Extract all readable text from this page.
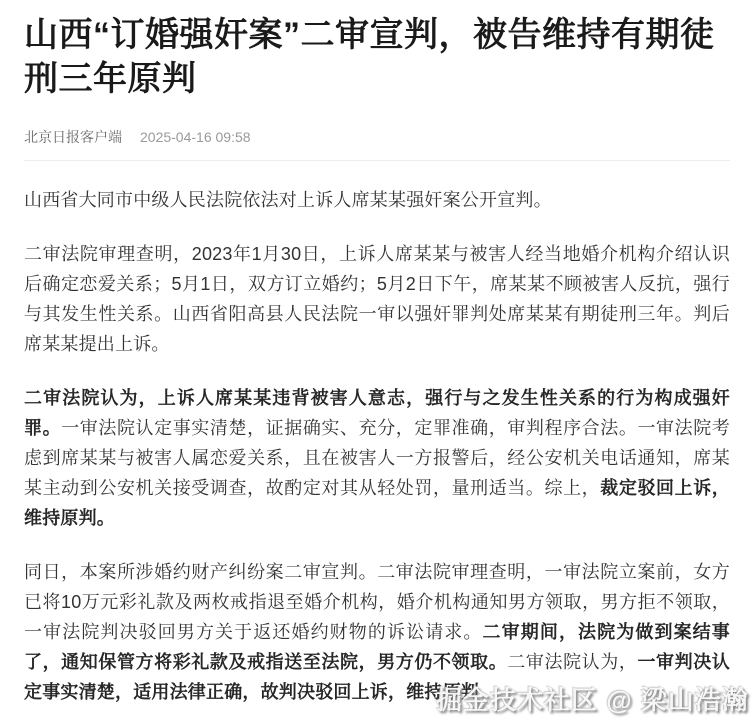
山西“订婚强奸案”二审宣判，被告维持有期徒刑三年原判
北京日报客户端 2025-04-16 09:58

山西省大同市中级人民法院依法对上诉人席某某强奸案公开宣判。

二审法院审理查明，2023年1月30日，上诉人席某某与被害人经当地婚介机构介绍认识后确定恋爱关系；5月1日，双方订立婚约；5月2日下午，席某某不顾被害人反抗，强行与其发生性关系。山西省阳高县人民法院一审以强奸罪判处席某某有期徒刑三年。判后席某某提出上诉。

二审法院认为，上诉人席某某违背被害人意志，强行与之发生性关系的行为构成强奸罪。一审法院认定事实清楚，证据确实、充分，定罪准确，审判程序合法。一审法院考虑到席某某与被害人属恋爱关系，且在被害人一方报警后，经公安机关电话通知，席某某主动到公安机关接受调查，故酌定对其从轻处罚，量刑适当。综上，裁定驳回上诉，维持原判。

同日，本案所涉婚约财产纠纷案二审宣判。二审法院审理查明，一审法院立案前，女方已将10万元彩礼款及两枚戒指退至婚介机构，婚介机构通知男方领取，男方拒不领取，一审法院判决驳回男方关于返还婚约财物的诉讼请求。二审期间，法院为做到案结事了，通知保管方将彩礼款及戒指送至法院，男方仍不领取。二审法院认为，一审判决认定事实清楚，适用法律正确，故判决驳回上诉，维持原判

掘金技术社区 @ 梁山浩瀚
